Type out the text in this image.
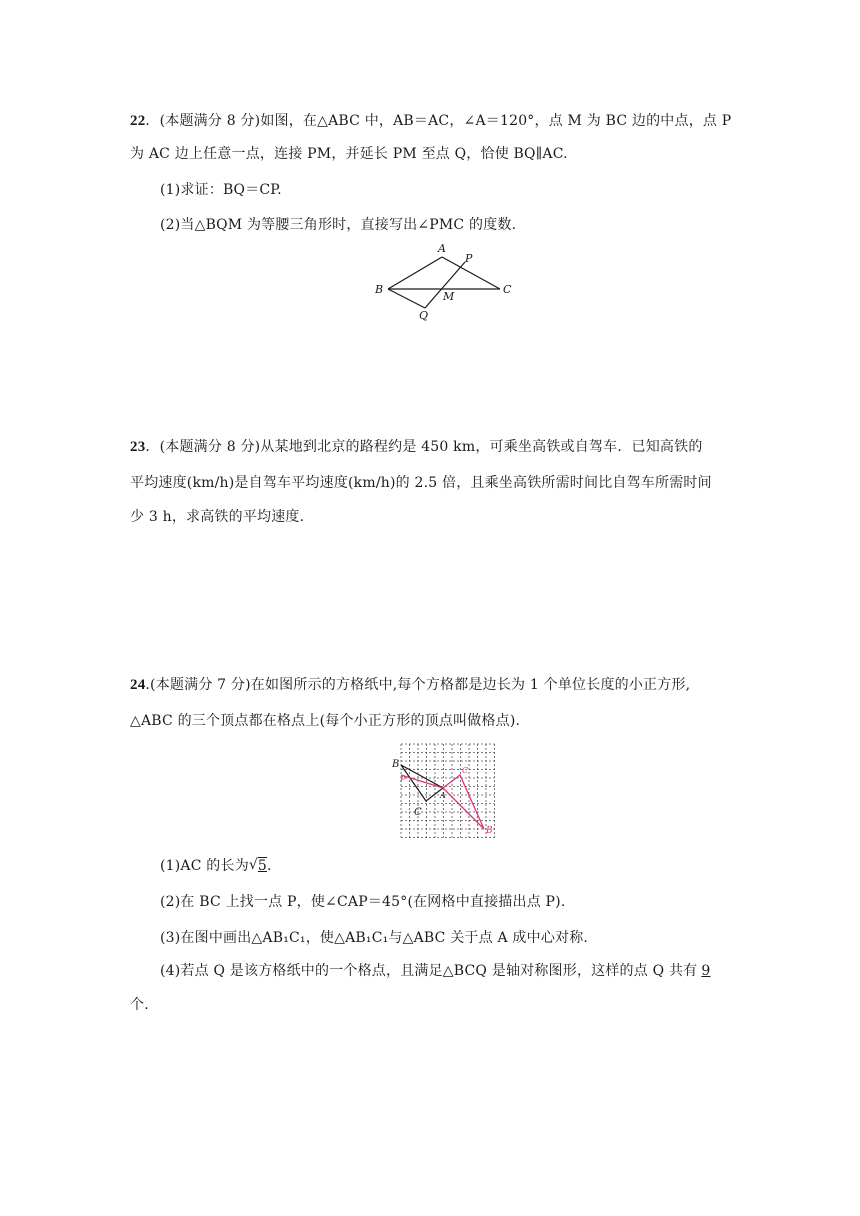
22．(本题满分 8 分)如图，在△ABC 中，AB＝AC，∠A＝120°，点 M 为 BC 边的中点，点 P
为 AC 边上任意一点，连接 PM，并延长 PM 至点 Q，恰使 BQ∥AC.
(1)求证：BQ＝CP.
(2)当△BQM 为等腰三角形时，直接写出∠PMC 的度数.
A
P
B
M
C
Q
23．(本题满分 8 分)从某地到北京的路程约是 450 km，可乘坐高铁或自驾车．已知高铁的
平均速度(km/h)是自驾车平均速度(km/h)的 2.5 倍，且乘坐高铁所需时间比自驾车所需时间
少 3 h，求高铁的平均速度.
24.(本题满分 7 分)在如图所示的方格纸中,每个方格都是边长为 1 个单位长度的小正方形,
△ABC 的三个顶点都在格点上(每个小正方形的顶点叫做格点).
B
C
A
P
C
B
(1)AC 的长为√ 5.
(2)在 BC 上找一点 P，使∠CAP＝45°(在网格中直接描出点 P).
(3)在图中画出△AB₁C₁，使△AB₁C₁与△ABC 关于点 A 成中心对称.
(4)若点 Q 是该方格纸中的一个格点，且满足△BCQ 是轴对称图形，这样的点 Q 共有 9
个.
